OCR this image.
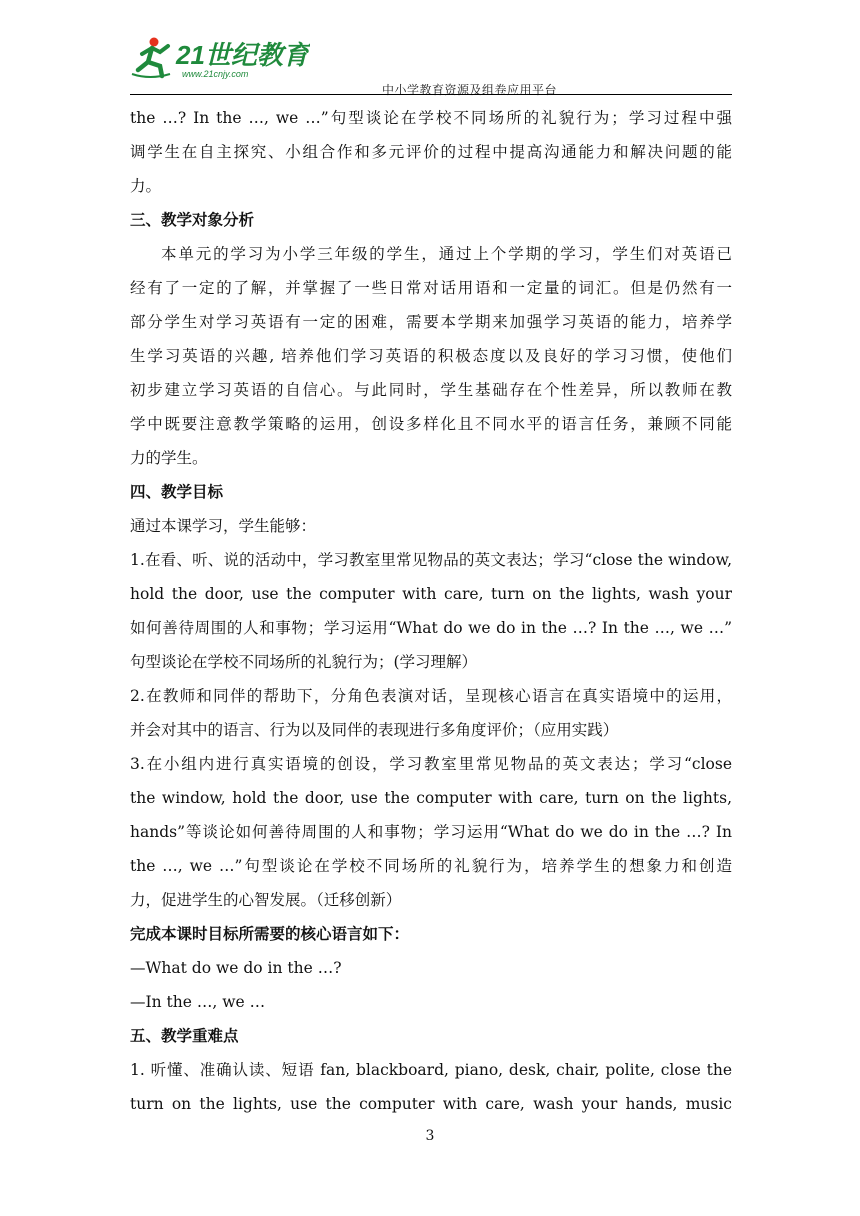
21世纪教育
www.21cnjy.com
中小学教育资源及组卷应用平台
the …? In the …, we …”句型谈论在学校不同场所的礼貌行为；学习过程中强
调学生在自主探究、小组合作和多元评价的过程中提高沟通能力和解决问题的能
力。
三、教学对象分析
本单元的学习为小学三年级的学生，通过上个学期的学习，学生们对英语已
经有了一定的了解，并掌握了一些日常对话用语和一定量的词汇。但是仍然有一
部分学生对学习英语有一定的困难，需要本学期来加强学习英语的能力，培养学
生学习英语的兴趣, 培养他们学习英语的积极态度以及良好的学习习惯，使他们
初步建立学习英语的自信心。与此同时，学生基础存在个性差异，所以教师在教
学中既要注意教学策略的运用，创设多样化且不同水平的语言任务，兼顾不同能
力的学生。
四、教学目标
通过本课学习，学生能够：
1.在看、听、说的活动中，学习教室里常见物品的英文表达；学习“close the window,
hold the door, use the computer with care, turn on the lights, wash your
如何善待周围的人和事物；学习运用“What do we do in the …? In the …, we …”
句型谈论在学校不同场所的礼貌行为；(学习理解）
2.在教师和同伴的帮助下，分角色表演对话，呈现核心语言在真实语境中的运用，
并会对其中的语言、行为以及同伴的表现进行多角度评价；（应用实践）
3.在小组内进行真实语境的创设，学习教室里常见物品的英文表达；学习“close
the window, hold the door, use the computer with care, turn on the lights,
hands”等谈论如何善待周围的人和事物；学习运用“What do we do in the …? In
the …, we …”句型谈论在学校不同场所的礼貌行为，培养学生的想象力和创造
力，促进学生的心智发展。（迁移创新）
完成本课时目标所需要的核心语言如下：
—What do we do in the …?
—In the …, we …
五、教学重难点
1. 听懂、准确认读、短语 fan, blackboard, piano, desk, chair, polite, close the
turn on the lights, use the computer with care, wash your hands, music
3
